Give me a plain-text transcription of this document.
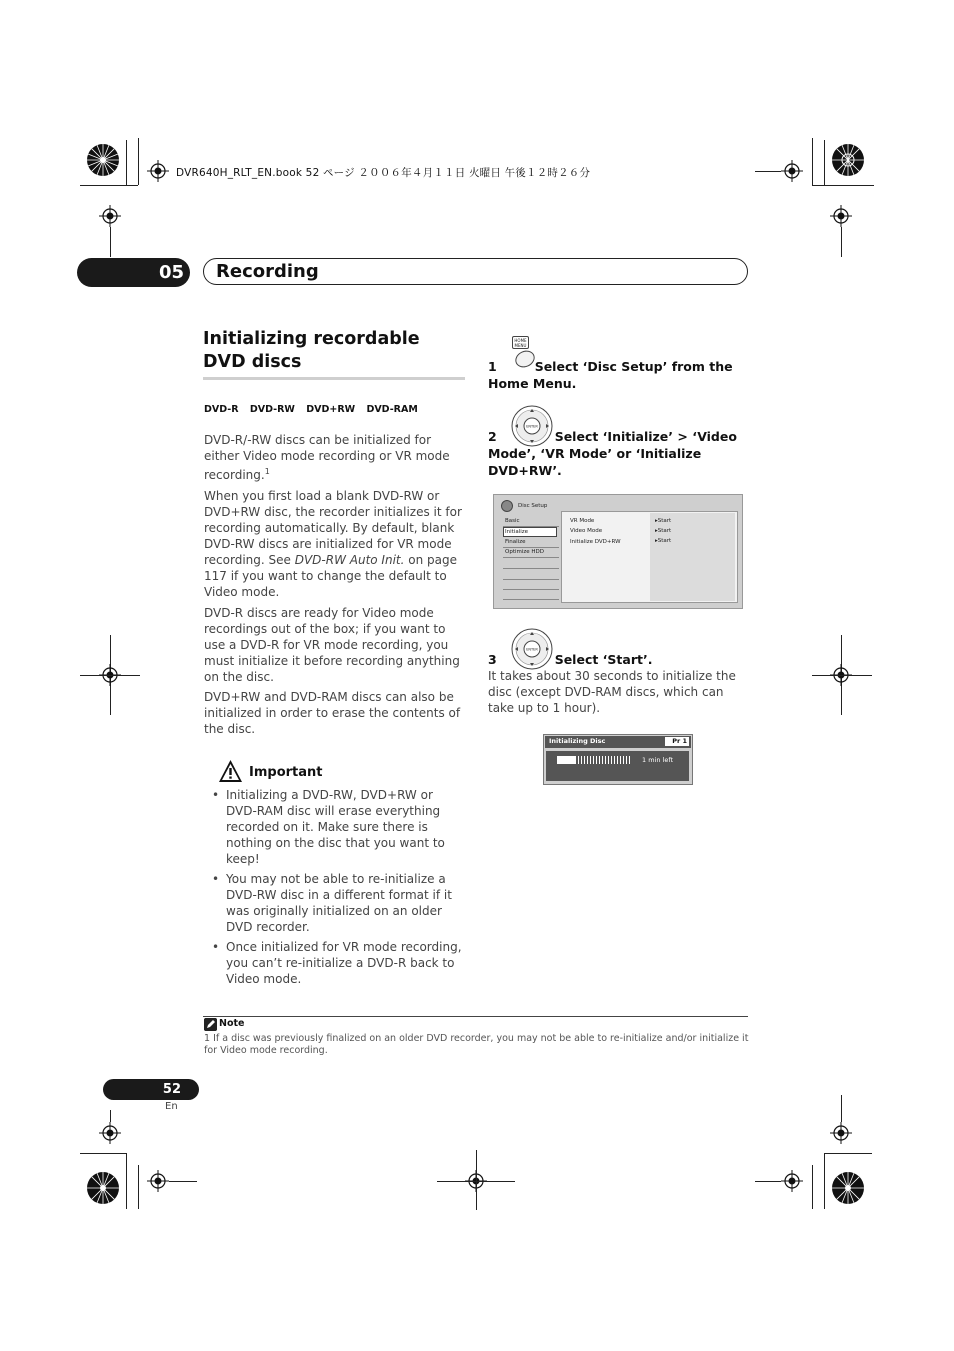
DVR640H_RLT_EN.book 52 ページ ２００６年４月１１日 火曜日 午後１２時２６分
05	Recording
Initializing recordable DVD discs
DVD-R DVD-RW DVD+RW DVD-RAM
DVD-R/-RW discs can be initialized for either Video mode recording or VR mode recording.$^1$
When you first load a blank DVD-RW or DVD+RW disc, the recorder initializes it for recording automatically. By default, blank DVD-RW discs are initialized for VR mode recording. See DVD-RW Auto Init. on page 117 if you want to change the default to Video mode.
DVD-R discs are ready for Video mode recordings out of the box; if you want to use a DVD-R for VR mode recording, you must initialize it before recording anything on the disc.
DVD+RW and DVD-RAM discs can also be initialized in order to erase the contents of the disc.
Important
• Initializing a DVD-RW, DVD+RW or DVD-RAM disc will erase everything recorded on it. Make sure there is nothing on the disc that you want to keep!
• You may not be able to re-initialize a DVD-RW disc in a different format if it was originally initialized on an older DVD recorder.
• Once initialized for VR mode recording, you can’t re-initialize a DVD-R back to Video mode.
HOME MENU
1	Select ‘Disc Setup’ from the Home Menu.
ENTER
2	Select ‘Initialize’ > ‘Video Mode’, ‘VR Mode’ or ‘Initialize DVD+RW’.
Disc Setup
Basic
Initialize
Finalize
Optimize HDD
VR Mode
Video Mode
Initialize DVD+RW
▸Start
▸Start
▸Start
ENTER
3	Select ‘Start’.
It takes about 30 seconds to initialize the disc (except DVD-RAM discs, which can take up to 1 hour).
Initializing Disc	Pr 1
1 min left
Note
1 If a disc was previously finalized on an older DVD recorder, you may not be able to re-initialize and/or initialize it for Video mode recording.
52
En
